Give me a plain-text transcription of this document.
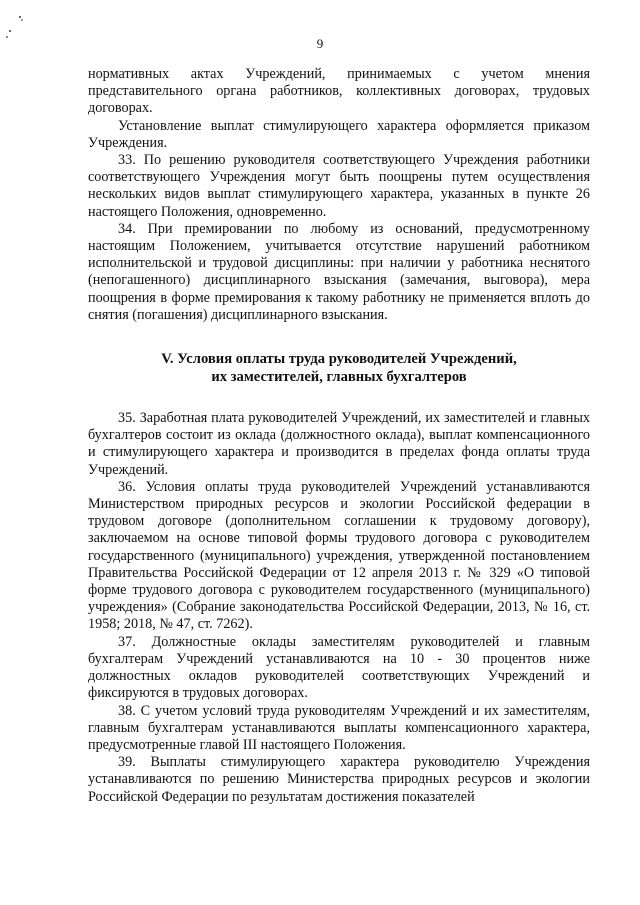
9

нормативных актах Учреждений, принимаемых с учетом мнения представительного органа работников, коллективных договорах, трудовых договорах.

Установление выплат стимулирующего характера оформляется приказом Учреждения.

33. По решению руководителя соответствующего Учреждения работники соответствующего Учреждения могут быть поощрены путем осуществления нескольких видов выплат стимулирующего характера, указанных в пункте 26 настоящего Положения, одновременно.

34. При премировании по любому из оснований, предусмотренному настоящим Положением, учитывается отсутствие нарушений работником исполнительской и трудовой дисциплины: при наличии у работника неснятого (непогашенного) дисциплинарного взыскания (замечания, выговора), мера поощрения в форме премирования к такому работнику не применяется вплоть до снятия (погашения) дисциплинарного взыскания.

V. Условия оплаты труда руководителей Учреждений,
их заместителей, главных бухгалтеров

35. Заработная плата руководителей Учреждений, их заместителей и главных бухгалтеров состоит из оклада (должностного оклада), выплат компенсационного и стимулирующего характера и производится в пределах фонда оплаты труда Учреждений.

36. Условия оплаты труда руководителей Учреждений устанавливаются Министерством природных ресурсов и экологии Российской федерации в трудовом договоре (дополнительном соглашении к трудовому договору), заключаемом на основе типовой формы трудового договора с руководителем государственного (муниципального) учреждения, утвержденной постановлением Правительства Российской Федерации от 12 апреля 2013 г. № 329 «О типовой форме трудового договора с руководителем государственного (муниципального) учреждения» (Собрание законодательства Российской Федерации, 2013, № 16, ст. 1958; 2018, № 47, ст. 7262).

37. Должностные оклады заместителям руководителей и главным бухгалтерам Учреждений устанавливаются на 10 - 30 процентов ниже должностных окладов руководителей соответствующих Учреждений и фиксируются в трудовых договорах.

38. С учетом условий труда руководителям Учреждений и их заместителям, главным бухгалтерам устанавливаются выплаты компенсационного характера, предусмотренные главой III настоящего Положения.

39. Выплаты стимулирующего характера руководителю Учреждения устанавливаются по решению Министерства природных ресурсов и экологии Российской Федерации по результатам достижения показателей
